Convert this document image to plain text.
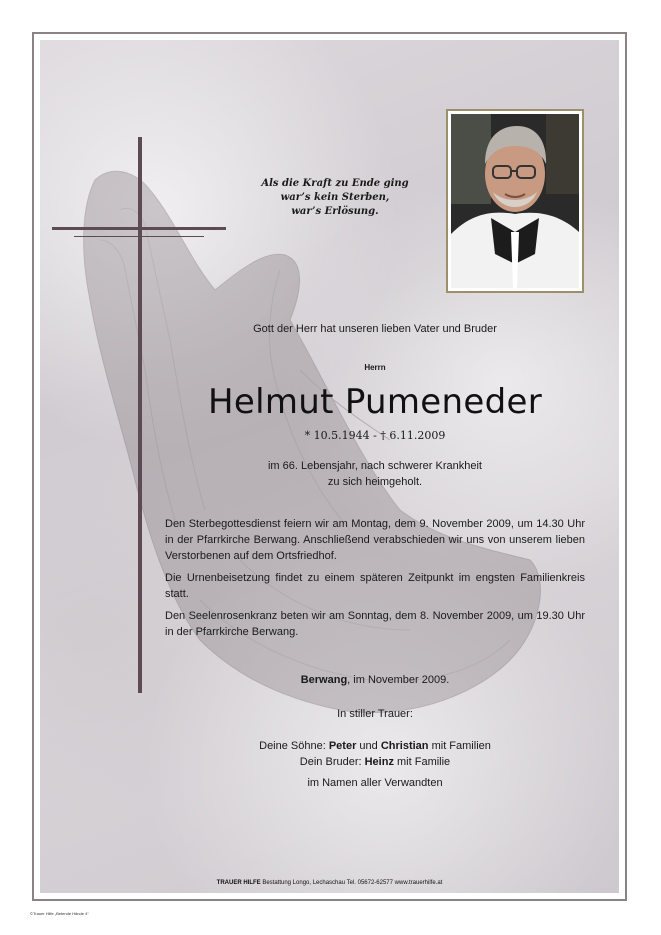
Als die Kraft zu Ende ging
war’s kein Sterben,
war’s Erlösung.
Gott der Herr hat unseren lieben Vater und Bruder
Herrn
Helmut Pumeneder
* 10.5.1944 - † 6.11.2009
im 66. Lebensjahr, nach schwerer Krankheit
zu sich heimgeholt.

Den Sterbegottesdienst feiern wir am Montag, dem 9. November 2009, um 14.30 Uhr in der Pfarrkirche Berwang. Anschließend verabschieden wir uns von unserem lieben Verstorbenen auf dem Ortsfriedhof.

Die Urnenbeisetzung findet zu einem späteren Zeitpunkt im engsten Familienkreis statt.

Den Seelenrosenkranz beten wir am Sonntag, dem 8. November 2009, um 19.30 Uhr in der Pfarrkirche Berwang.

Berwang, im November 2009.
In stiller Trauer:
Deine Söhne: Peter und Christian mit Familien
Dein Bruder: Heinz mit Familie
im Namen aller Verwandten
TRAUER HILFE Bestattung Longo, Lechaschau Tel. 05672-62577 www.trauerhilfe.at
©Trauer Hilfe „Betende Hände 4“
